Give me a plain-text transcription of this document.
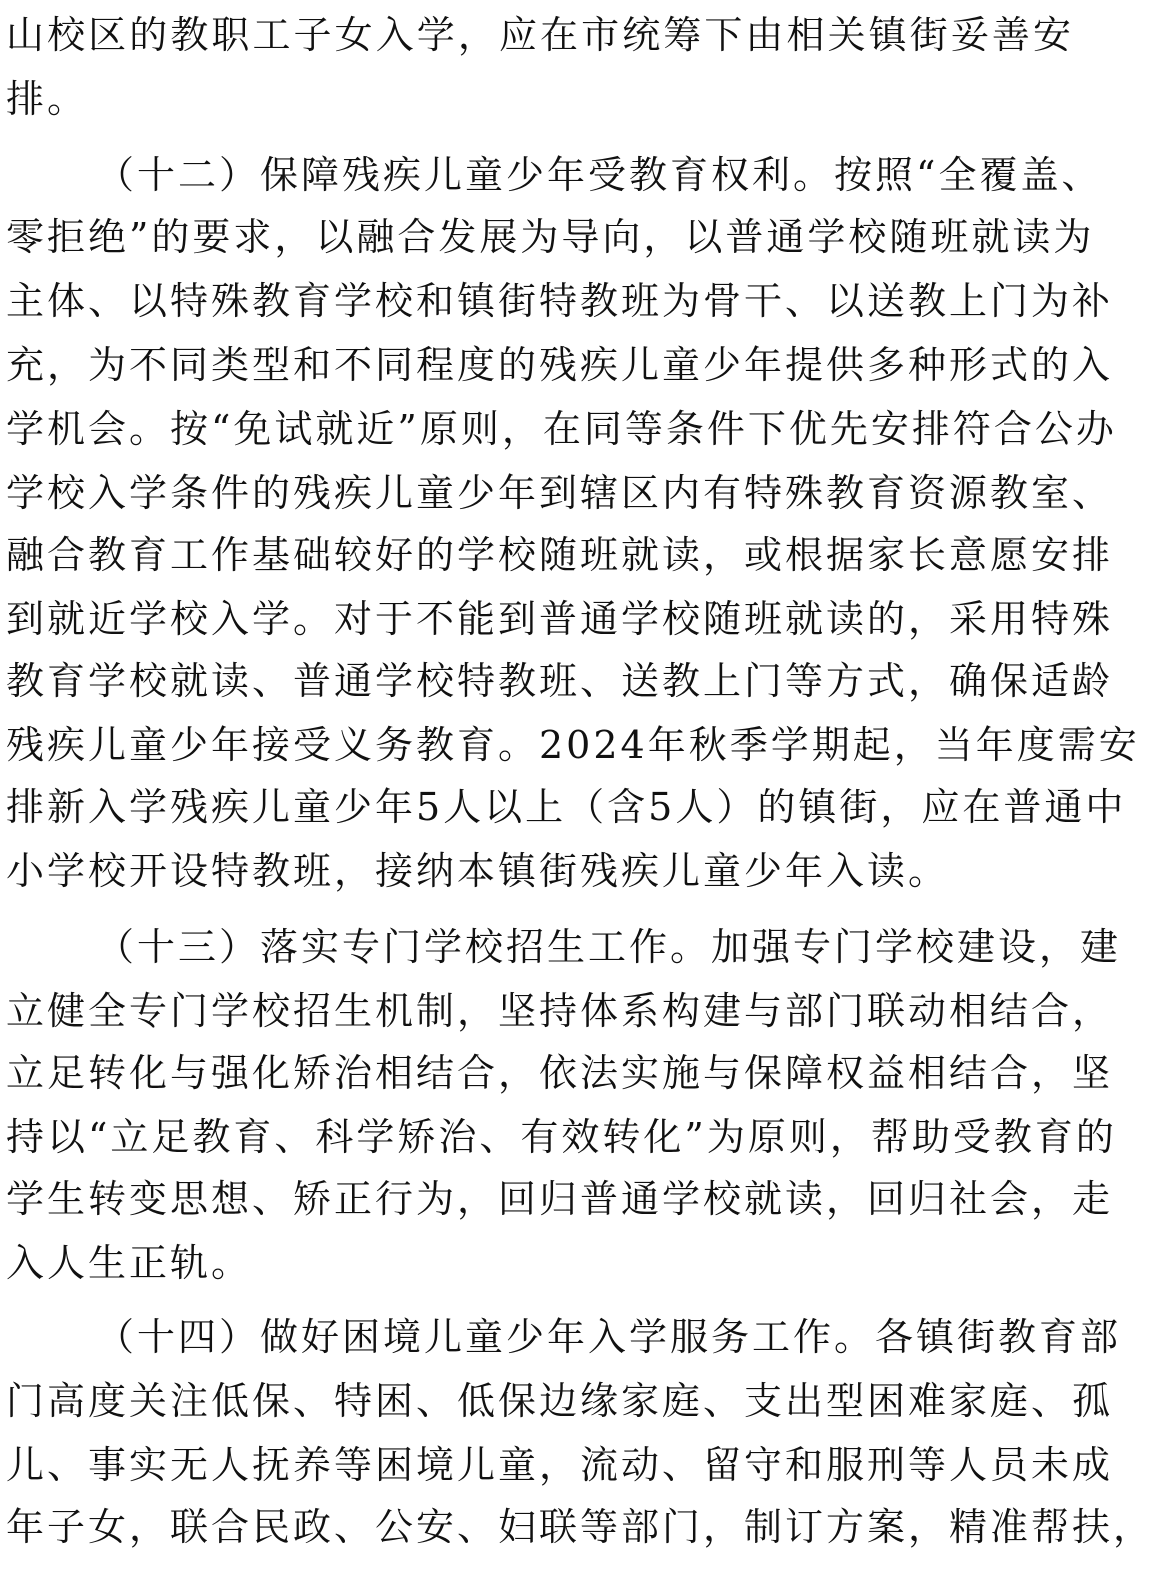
山校区的教职工子女入学，应在市统筹下由相关镇街妥善安
排。
（十二）保障残疾儿童少年受教育权利。按照“全覆盖、
零拒绝”的要求，以融合发展为导向，以普通学校随班就读为
主体、以特殊教育学校和镇街特教班为骨干、以送教上门为补
充，为不同类型和不同程度的残疾儿童少年提供多种形式的入
学机会。按“免试就近”原则，在同等条件下优先安排符合公办
学校入学条件的残疾儿童少年到辖区内有特殊教育资源教室、
融合教育工作基础较好的学校随班就读，或根据家长意愿安排
到就近学校入学。对于不能到普通学校随班就读的，采用特殊
教育学校就读、普通学校特教班、送教上门等方式，确保适龄
残疾儿童少年接受义务教育。2024年秋季学期起，当年度需安
排新入学残疾儿童少年5人以上（含5人）的镇街，应在普通中
小学校开设特教班，接纳本镇街残疾儿童少年入读。
（十三）落实专门学校招生工作。加强专门学校建设，建
立健全专门学校招生机制，坚持体系构建与部门联动相结合，
立足转化与强化矫治相结合，依法实施与保障权益相结合，坚
持以“立足教育、科学矫治、有效转化”为原则，帮助受教育的
学生转变思想、矫正行为，回归普通学校就读，回归社会，走
入人生正轨。
（十四）做好困境儿童少年入学服务工作。各镇街教育部
门高度关注低保、特困、低保边缘家庭、支出型困难家庭、孤
儿、事实无人抚养等困境儿童，流动、留守和服刑等人员未成
年子女，联合民政、公安、妇联等部门，制订方案，精准帮扶，
